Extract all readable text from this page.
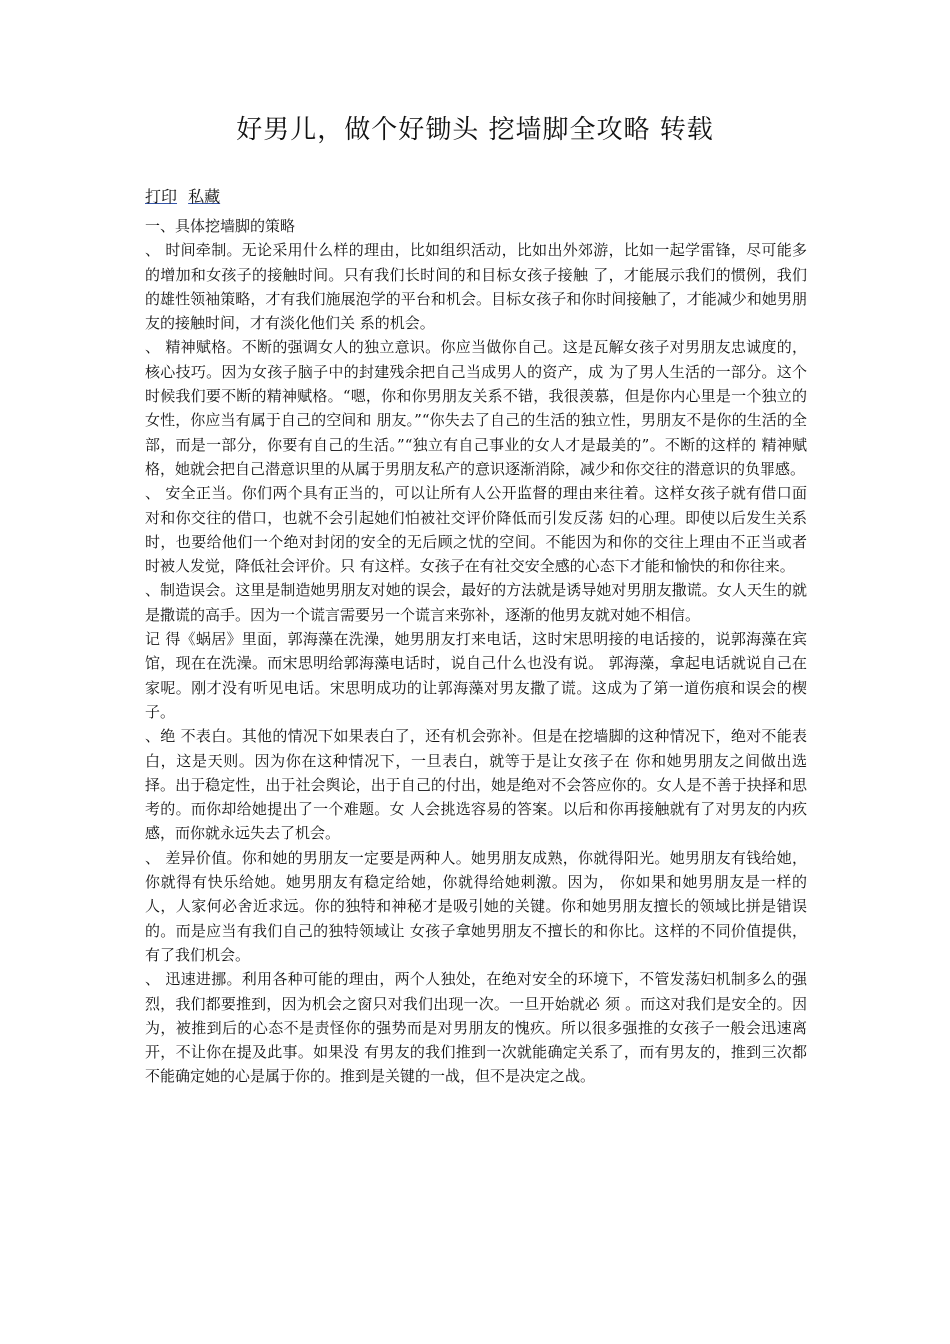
好男儿，做个好锄头 挖墙脚全攻略 转载
打印 私藏

一、具体挖墙脚的策略

、 时间牵制。无论采用什么样的理由，比如组织活动，比如出外郊游，比如一起学雷锋，尽可能多的增加和女孩子的接触时间。只有我们长时间的和目标女孩子接触 了，才能展示我们的惯例，我们的雄性领袖策略，才有我们施展泡学的平台和机会。目标女孩子和你时间接触了，才能减少和她男朋友的接触时间，才有淡化他们关 系的机会。

、 精神赋格。不断的强调女人的独立意识。你应当做你自己。这是瓦解女孩子对男朋友忠诚度的，核心技巧。因为女孩子脑子中的封建残余把自己当成男人的资产，成 为了男人生活的一部分。这个时候我们要不断的精神赋格。“嗯，你和你男朋友关系不错，我很羡慕，但是你内心里是一个独立的女性，你应当有属于自己的空间和 朋友。”“你失去了自己的生活的独立性，男朋友不是你的生活的全部，而是一部分，你要有自己的生活。”“独立有自己事业的女人才是最美的”。不断的这样的 精神赋格，她就会把自己潜意识里的从属于男朋友私产的意识逐渐消除，减少和你交往的潜意识的负罪感。

、 安全正当。你们两个具有正当的，可以让所有人公开监督的理由来往着。这样女孩子就有借口面对和你交往的借口，也就不会引起她们怕被社交评价降低而引发反荡 妇的心理。即使以后发生关系时，也要给他们一个绝对封闭的安全的无后顾之忧的空间。不能因为和你的交往上理由不正当或者 时被人发觉，降低社会评价。只 有这样。女孩子在有社交安全感的心态下才能和愉快的和你往来。

、制造误会。这里是制造她男朋友对她的误会，最好的方法就是诱导她对男朋友撒谎。女人天生的就是撒谎的高手。因为一个谎言需要另一个谎言来弥补，逐渐的他男友就对她不相信。

记 得《蜗居》里面，郭海藻在洗澡，她男朋友打来电话，这时宋思明接的电话接的，说郭海藻在宾馆，现在在洗澡。而宋思明给郭海藻电话时，说自己什么也没有说。 郭海藻，拿起电话就说自己在家呢。刚才没有听见电话。宋思明成功的让郭海藻对男友撒了谎。这成为了第一道伤痕和误会的楔子。

、绝 不表白。其他的情况下如果表白了，还有机会弥补。但是在挖墙脚的这种情况下，绝对不能表白，这是天则。因为你在这种情况下，一旦表白，就等于是让女孩子在 你和她男朋友之间做出选择。出于稳定性，出于社会舆论，出于自己的付出，她是绝对不会答应你的。女人是不善于抉择和思考的。而你却给她提出了一个难题。女 人会挑选容易的答案。以后和你再接触就有了对男友的内疚感，而你就永远失去了机会。

、 差异价值。你和她的男朋友一定要是两种人。她男朋友成熟，你就得阳光。她男朋友有钱给她，你就得有快乐给她。她男朋友有稳定给她，你就得给她刺激。因为， 你如果和她男朋友是一样的人，人家何必舍近求远。你的独特和神秘才是吸引她的关键。你和她男朋友擅长的领域比拼是错误的。而是应当有我们自己的独特领域让 女孩子拿她男朋友不擅长的和你比。这样的不同价值提供，有了我们机会。

、 迅速进挪。利用各种可能的理由，两个人独处，在绝对安全的环境下，不管发荡妇机制多么的强烈，我们都要推到，因为机会之窗只对我们出现一次。一旦开始就必 须 。而这对我们是安全的。因为，被推到后的心态不是责怪你的强势而是对男朋友的愧疚。所以很多强推的女孩子一般会迅速离开，不让你在提及此事。如果没 有男友的我们推到一次就能确定关系了，而有男友的，推到三次都不能确定她的心是属于你的。推到是关键的一战，但不是决定之战。
